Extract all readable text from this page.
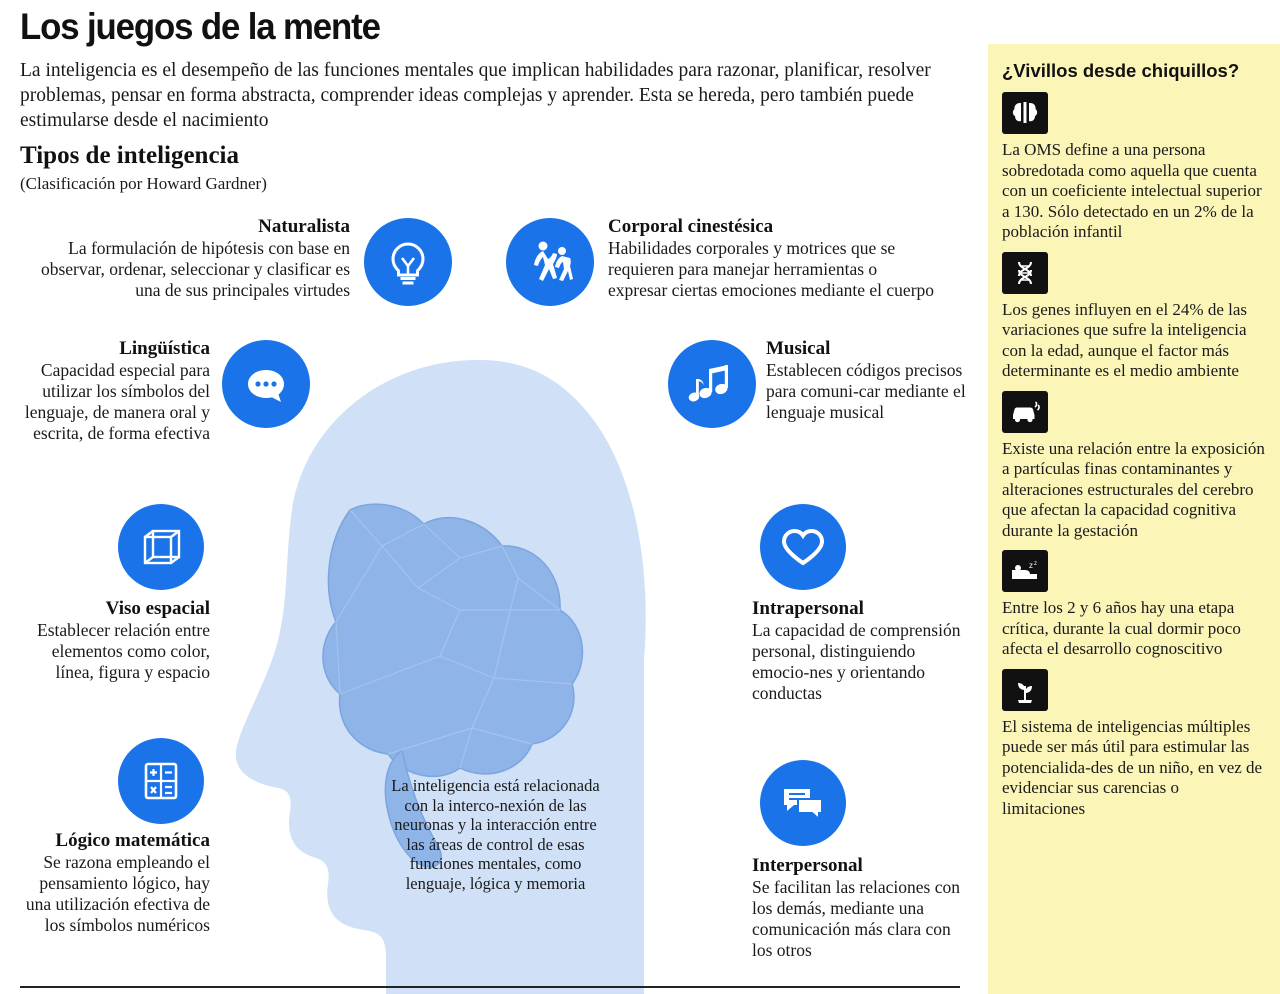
Los juegos de la mente
La inteligencia es el desempeño de las funciones mentales que implican habilidades para razonar, planificar, resolver problemas, pensar en forma abstracta, comprender ideas complejas y aprender. Esta se hereda, pero también puede estimularse desde el nacimiento
Tipos de inteligencia
(Clasificación por Howard Gardner)
La inteligencia está relacionada con la interco-nexión de las neuronas y la interacción entre las áreas de control de esas funciones mentales, como lenguaje, lógica y memoria
Naturalista
La formulación de hipótesis con base en observar, ordenar, seleccionar y clasificar es una de sus principales virtudes
Corporal cinestésica
Habilidades corporales y motrices que se requieren para manejar herramientas o expresar ciertas emociones mediante el cuerpo
Lingüística
Capacidad especial para utilizar los símbolos del lenguaje, de manera oral y escrita, de forma efectiva
Musical
Establecen códigos precisos para comuni-car mediante el lenguaje musical
Viso espacial
Establecer relación entre elementos como color, línea, figura y espacio
Intrapersonal
La capacidad de comprensión personal, distinguiendo emocio-nes y orientando conductas
Lógico matemática
Se razona empleando el pensamiento lógico, hay una utilización efectiva de los símbolos numéricos
Interpersonal
Se facilitan las relaciones con los demás, mediante una comunicación más clara con los otros
¿Vivillos desde chiquillos?
La OMS define a una persona sobredotada como aquella que cuenta con un coeficiente intelectual superior a 130. Sólo detectado en un 2% de la población infantil
Los genes influyen en el 24% de las variaciones que sufre la inteligencia con la edad, aunque el factor más determinante es el medio ambiente
Existe una relación entre la exposición a partículas finas contaminantes y alteraciones estructurales del cerebro que afectan la capacidad cognitiva durante la gestación
z z
Entre los 2 y 6 años hay una etapa crítica, durante la cual dormir poco afecta el desarrollo cognoscitivo
El sistema de inteligencias múltiples puede ser más útil para estimular las potencialida-des de un niño, en vez de evidenciar sus carencias o limitaciones
